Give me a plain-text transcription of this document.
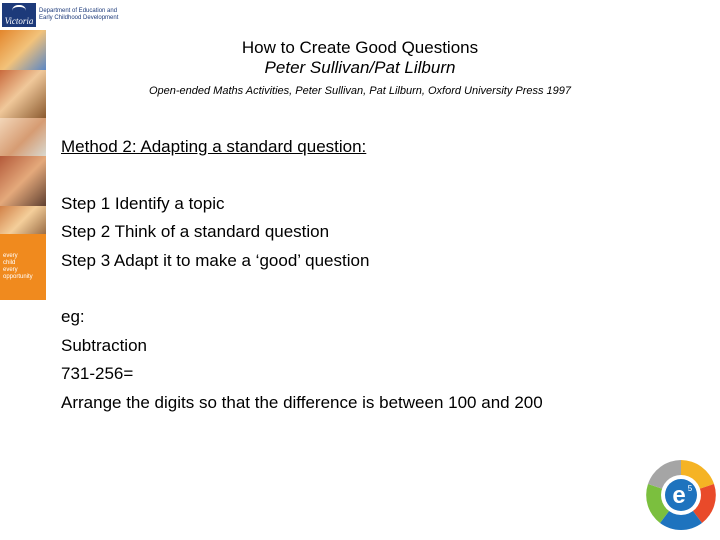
Victoria
Department of Education and
Early Childhood Development
every
child
every
opportunity
How to Create Good Questions
Peter Sullivan/Pat Lilburn
Open-ended Maths Activities, Peter Sullivan, Pat Lilburn, Oxford University Press 1997
Method 2: Adapting a standard question:
Step 1 Identify a topic
Step 2 Think of a standard question
Step 3 Adapt it to make a ‘good’ question
eg:
Subtraction
731-256=
Arrange the digits so that the difference is between 100 and 200
e 5
